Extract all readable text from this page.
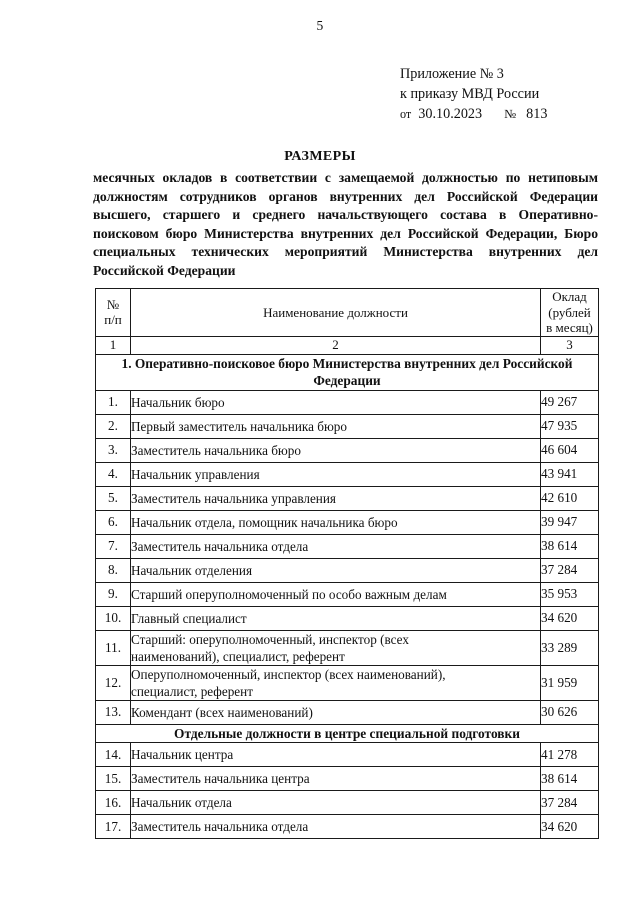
5
Приложение № 3
к приказу МВД России
от 30.10.2023 № 813
РАЗМЕРЫ
месячных окладов в соответствии с замещаемой должностью по нетиповым должностям сотрудников органов внутренних дел Российской Федерации высшего, старшего и среднего начальствующего состава в Оперативно-поисковом бюро Министерства внутренних дел Российской Федерации, Бюро специальных технических мероприятий Министерства внутренних дел Российской Федерации
№
п/п	Наименование должности	Оклад
(рублей
в месяц)

1	2	3
1. Оперативно-поисковое бюро Министерства внутренних дел Российской Федерации		
1.	Начальник бюро	49 267
2.	Первый заместитель начальника бюро	47 935
3.	Заместитель начальника бюро	46 604
4.	Начальник управления	43 941
5.	Заместитель начальника управления	42 610
6.	Начальник отдела, помощник начальника бюро	39 947
7.	Заместитель начальника отдела	38 614
8.	Начальник отделения	37 284
9.	Старший оперуполномоченный по особо важным делам	35 953
10.	Главный специалист	34 620
11.	Старший: оперуполномоченный, инспектор (всех
наименований), специалист, референт	33 289
12.	Оперуполномоченный, инспектор (всех наименований),
специалист, референт	31 959
13.	Комендант (всех наименований)	30 626
Отдельные должности в центре специальной подготовки		
14.	Начальник центра	41 278
15.	Заместитель начальника центра	38 614
16.	Начальник отдела	37 284
17.	Заместитель начальника отдела	34 620
